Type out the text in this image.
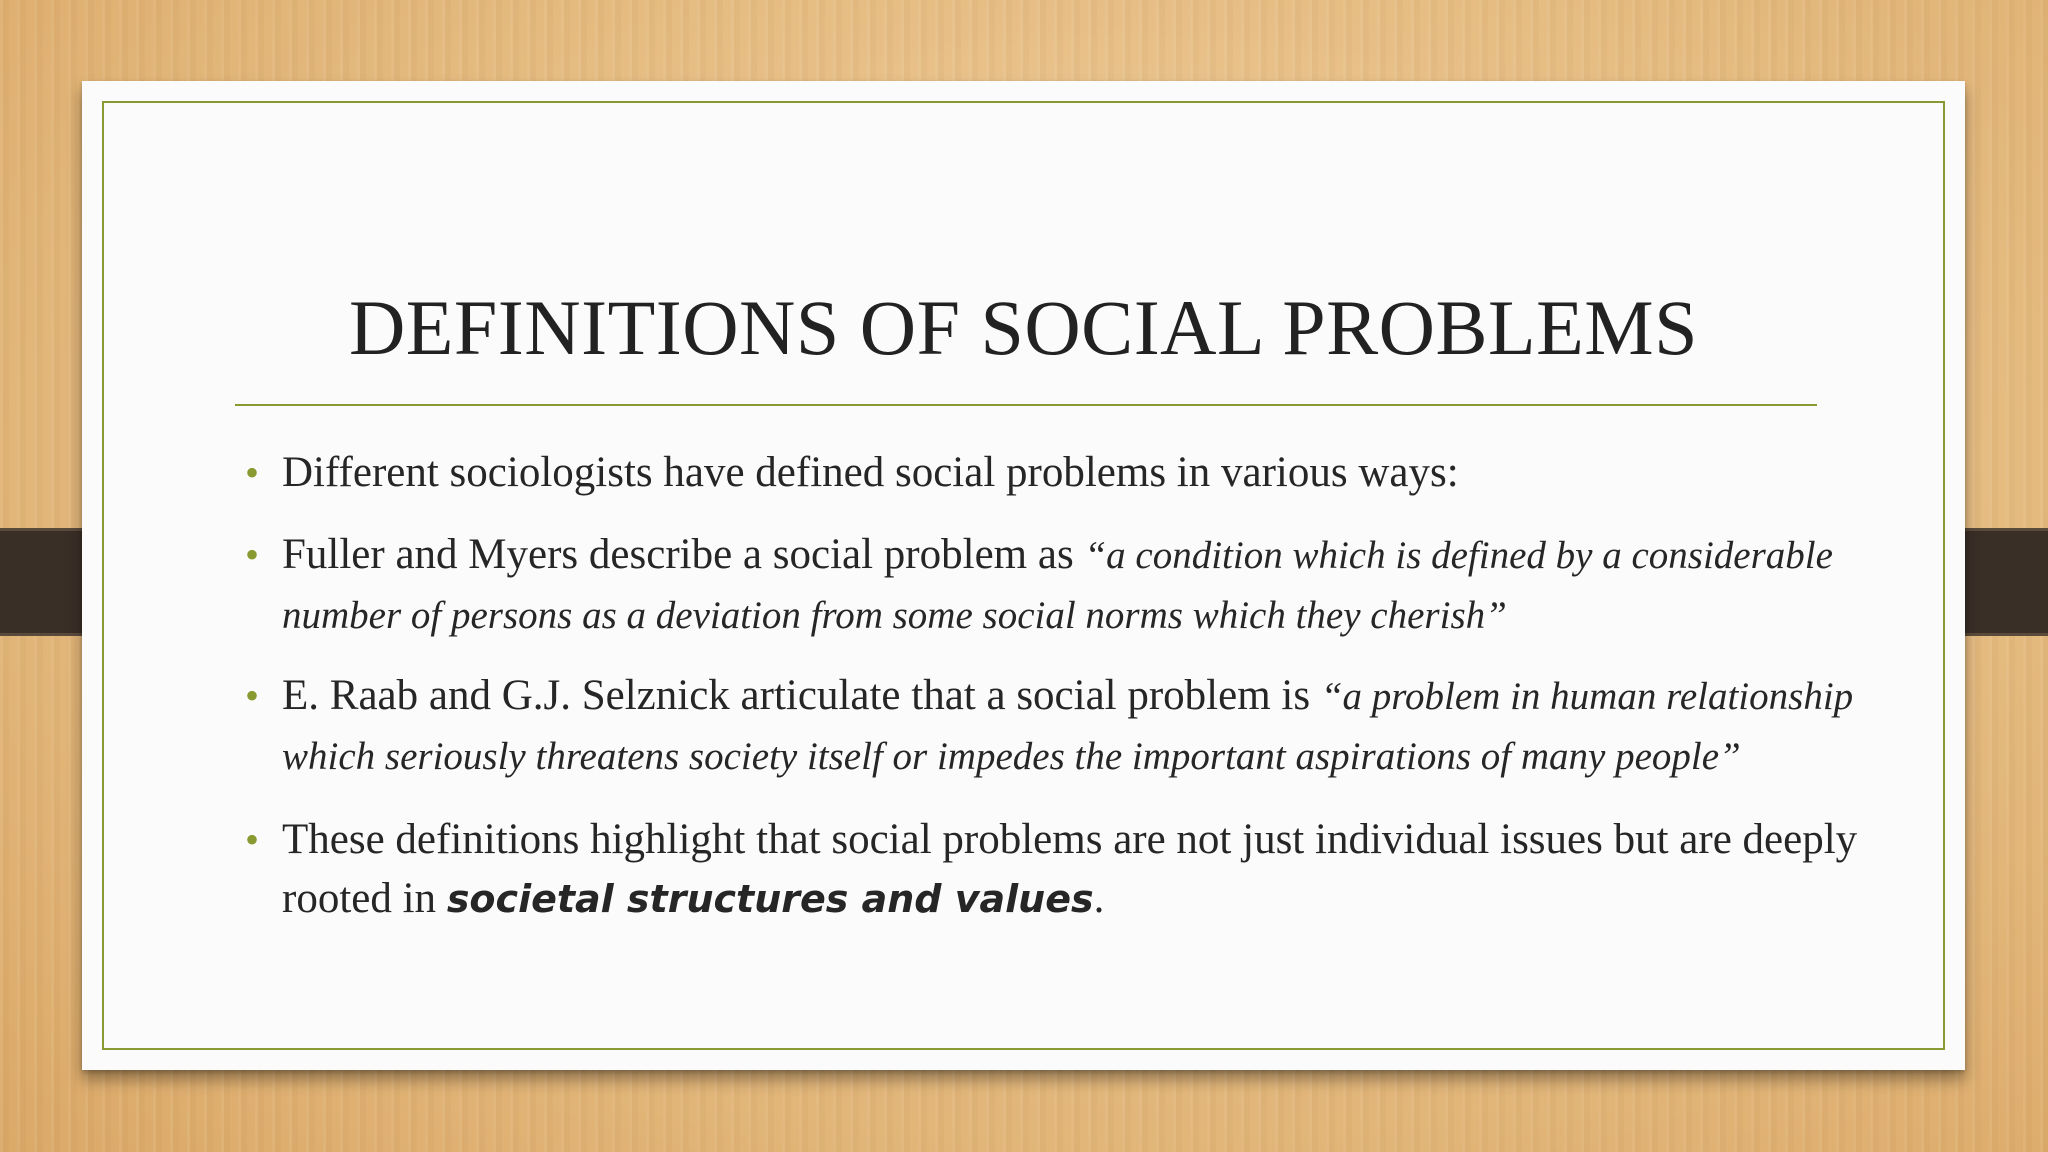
DEFINITIONS OF SOCIAL PROBLEMS
• Different sociologists have defined social problems in various ways:
• Fuller and Myers describe a social problem as “a condition which is defined by a considerable number of persons as a deviation from some social norms which they cherish”
• E. Raab and G.J. Selznick articulate that a social problem is “a problem in human relationship which seriously threatens society itself or impedes the important aspirations of many people”
• These definitions highlight that social problems are not just individual issues but are deeply rooted in societal structures and values.
